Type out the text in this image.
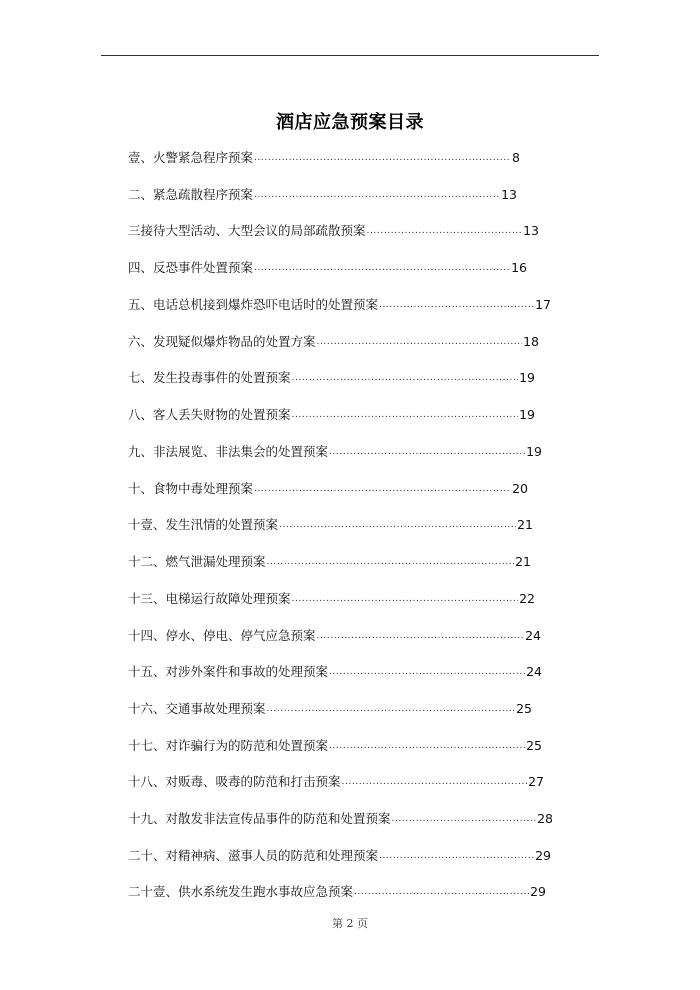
酒店应急预案目录
壹、火警紧急程序预案 .....	8
二、紧急疏散程序预案 .....	13
三接待大型活动、大型会议的局部疏散预案 .....	13
四、反恐事件处置预案 .....	16
五、电话总机接到爆炸恐吓电话时的处置预案 .....	17
六、发现疑似爆炸物品的处置方案 .....	18
七、发生投毒事件的处置预案 .....	19
八、客人丢失财物的处置预案 .....	19
九、非法展览、非法集会的处置预案 .....	19
十、食物中毒处理预案 .....	20
十壹、发生汛情的处置预案 .....	21
十二、燃气泄漏处理预案 .....	21
十三、电梯运行故障处理预案 .....	22
十四、停水、停电、停气应急预案 .....	24
十五、对涉外案件和事故的处理预案 .....	24
十六、交通事故处理预案 .....	25
十七、对诈骗行为的防范和处置预案 .....	25
十八、对贩毒、吸毒的防范和打击预案 .....	27
十九、对散发非法宣传品事件的防范和处置预案 .....	28
二十、对精神病、滋事人员的防范和处理预案 .....	29
二十壹、供水系统发生跑水事故应急预案 .....	29
第 2 页
